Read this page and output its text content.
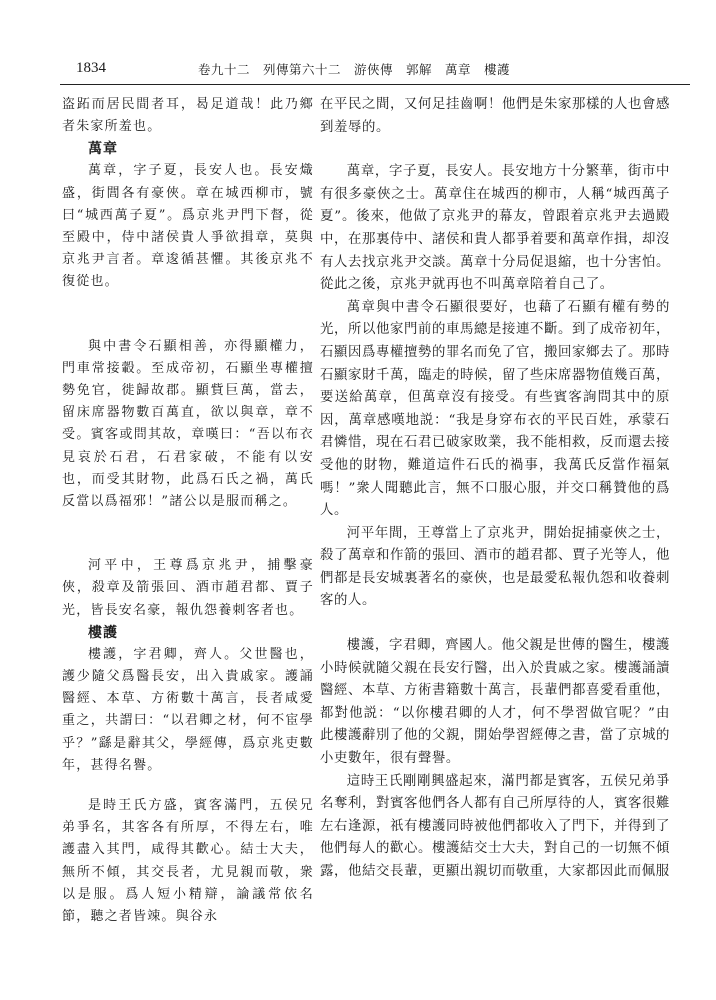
1834	卷九十二　列傳第六十二　游俠傳　郭解　萬章　樓護

盗跖而居民間者耳，曷足道哉！此乃鄉者朱家所羞也。

萬章

萬章，字子夏，長安人也。長安熾盛，街閭各有豪俠。章在城西柳市，號曰“城西萬子夏”。爲京兆尹門下督，從至殿中，侍中諸侯貴人爭欲揖章，莫與京兆尹言者。章逡循甚懼。其後京兆不復從也。

與中書令石顯相善，亦得顯權力，門車常接轂。至成帝初，石顯坐專權擅勢免官，徙歸故郡。顯貲巨萬，當去，留床席器物數百萬直，欲以與章，章不受。賓客或問其故，章嘆曰：“吾以布衣見哀於石君，石君家破，不能有以安也，而受其財物，此爲石氏之禍，萬氏反當以爲福邪！”諸公以是服而稱之。

河平中，王尊爲京兆尹，捕擊豪俠，殺章及箭張回、酒市趙君都、賈子光，皆長安名豪，報仇怨養刺客者也。

樓護

樓護，字君卿，齊人。父世醫也，護少隨父爲醫長安，出入貴戚家。護誦醫經、本草、方術數十萬言，長者咸愛重之，共謂曰：“以君卿之材，何不宦學乎？”繇是辭其父，學經傳，爲京兆吏數年，甚得名譽。

是時王氏方盛，賓客滿門，五侯兄弟爭名，其客各有所厚，不得左右，唯護盡入其門，咸得其歡心。結士大夫，無所不傾，其交長者，尤見親而敬，衆以是服。爲人短小精辯，論議常依名節，聽之者皆竦。與谷永

在平民之間，又何足挂齒啊！他們是朱家那樣的人也會感到羞辱的。

萬章，字子夏，長安人。長安地方十分繁華，街市中有很多豪俠之士。萬章住在城西的柳市，人稱“城西萬子夏”。後來，他做了京兆尹的幕友，曾跟着京兆尹去過殿中，在那裏侍中、諸侯和貴人都爭着要和萬章作揖，却沒有人去找京兆尹交談。萬章十分局促退縮，也十分害怕。從此之後，京兆尹就再也不叫萬章陪着自己了。

萬章與中書令石顯很要好，也藉了石顯有權有勢的光，所以他家門前的車馬總是接連不斷。到了成帝初年，石顯因爲專權擅勢的罪名而免了官，搬回家鄉去了。那時石顯家財千萬，臨走的時候，留了些床席器物值幾百萬，要送給萬章，但萬章沒有接受。有些賓客詢問其中的原因，萬章感嘆地説：“我是身穿布衣的平民百姓，承蒙石君憐惜，現在石君已破家敗業，我不能相救，反而還去接受他的財物，難道這件石氏的禍事，我萬氏反當作福氣嗎！”衆人聞聽此言，無不口服心服，并交口稱贊他的爲人。

河平年間，王尊當上了京兆尹，開始捉捕豪俠之士，殺了萬章和作箭的張回、酒市的趙君都、賈子光等人，他們都是長安城裏著名的豪俠，也是最愛私報仇怨和收養刺客的人。

樓護，字君卿，齊國人。他父親是世傳的醫生，樓護小時候就隨父親在長安行醫，出入於貴戚之家。樓護誦讀醫經、本草、方術書籍數十萬言，長輩們都喜愛看重他，都對他説：“以你樓君卿的人才，何不學習做官呢？”由此樓護辭別了他的父親，開始學習經傳之書，當了京城的小吏數年，很有聲譽。

這時王氏剛剛興盛起來，滿門都是賓客，五侯兄弟爭名奪利，對賓客他們各人都有自己所厚待的人，賓客很難左右逢源，祇有樓護同時被他們都收入了門下，并得到了他們每人的歡心。樓護結交士大夫，對自己的一切無不傾露，他結交長輩，更顯出親切而敬重，大家都因此而佩服
